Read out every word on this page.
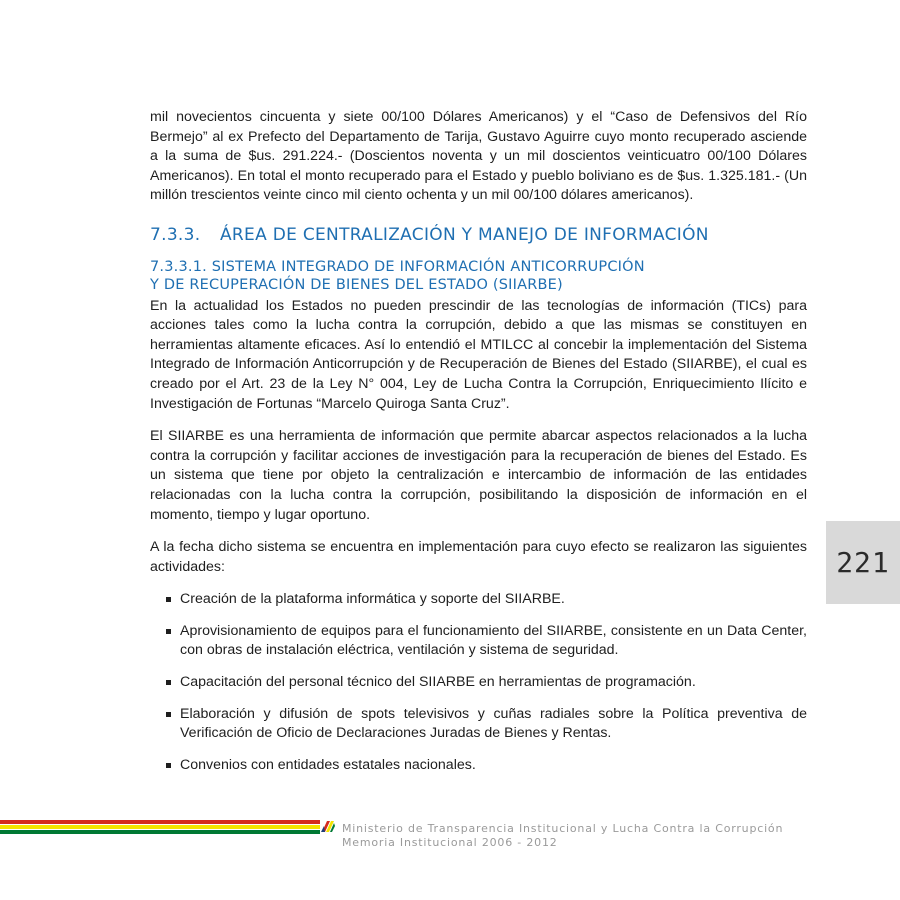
mil novecientos cincuenta y siete 00/100 Dólares Americanos) y el “Caso de Defensivos del Río Bermejo” al ex Prefecto del Departamento de Tarija, Gustavo Aguirre cuyo monto recuperado asciende a la suma de $us. 291.224.- (Doscientos noventa y un mil doscientos veinticuatro 00/100 Dólares Americanos). En total el monto recuperado para el Estado y pueblo boliviano es de $us. 1.325.181.- (Un millón trescientos veinte cinco mil ciento ochenta y un mil 00/100 dólares americanos).

7.3.3. ÁREA DE CENTRALIZACIÓN Y MANEJO DE INFORMACIÓN
7.3.3.1. SISTEMA INTEGRADO DE INFORMACIÓN ANTICORRUPCIÓN
Y DE RECUPERACIÓN DE BIENES DEL ESTADO (SIIARBE)

En la actualidad los Estados no pueden prescindir de las tecnologías de información (TICs) para acciones tales como la lucha contra la corrupción, debido a que las mismas se constituyen en herramientas altamente eficaces. Así lo entendió el MTILCC al concebir la implementación del Sistema Integrado de Información Anticorrupción y de Recuperación de Bienes del Estado (SIIARBE), el cual es creado por el Art. 23 de la Ley N° 004, Ley de Lucha Contra la Corrupción, Enriquecimiento Ilícito e Investigación de Fortunas “Marcelo Quiroga Santa Cruz”.

El SIIARBE es una herramienta de información que permite abarcar aspectos relacionados a la lucha contra la corrupción y facilitar acciones de investigación para la recuperación de bienes del Estado. Es un sistema que tiene por objeto la centralización e intercambio de información de las entidades relacionadas con la lucha contra la corrupción, posibilitando la disposición de información en el momento, tiempo y lugar oportuno.

A la fecha dicho sistema se encuentra en implementación para cuyo efecto se realizaron las siguientes actividades:

Creación de la plataforma informática y soporte del SIIARBE.
Aprovisionamiento de equipos para el funcionamiento del SIIARBE, consistente en un Data Center, con obras de instalación eléctrica, ventilación y sistema de seguridad.
Capacitación del personal técnico del SIIARBE en herramientas de programación.
Elaboración y difusión de spots televisivos y cuñas radiales sobre la Política preventiva de Verificación de Oficio de Declaraciones Juradas de Bienes y Rentas.
Convenios con entidades estatales nacionales.
221
Ministerio de Transparencia Institucional y Lucha Contra la Corrupción
Memoria Institucional 2006 - 2012
